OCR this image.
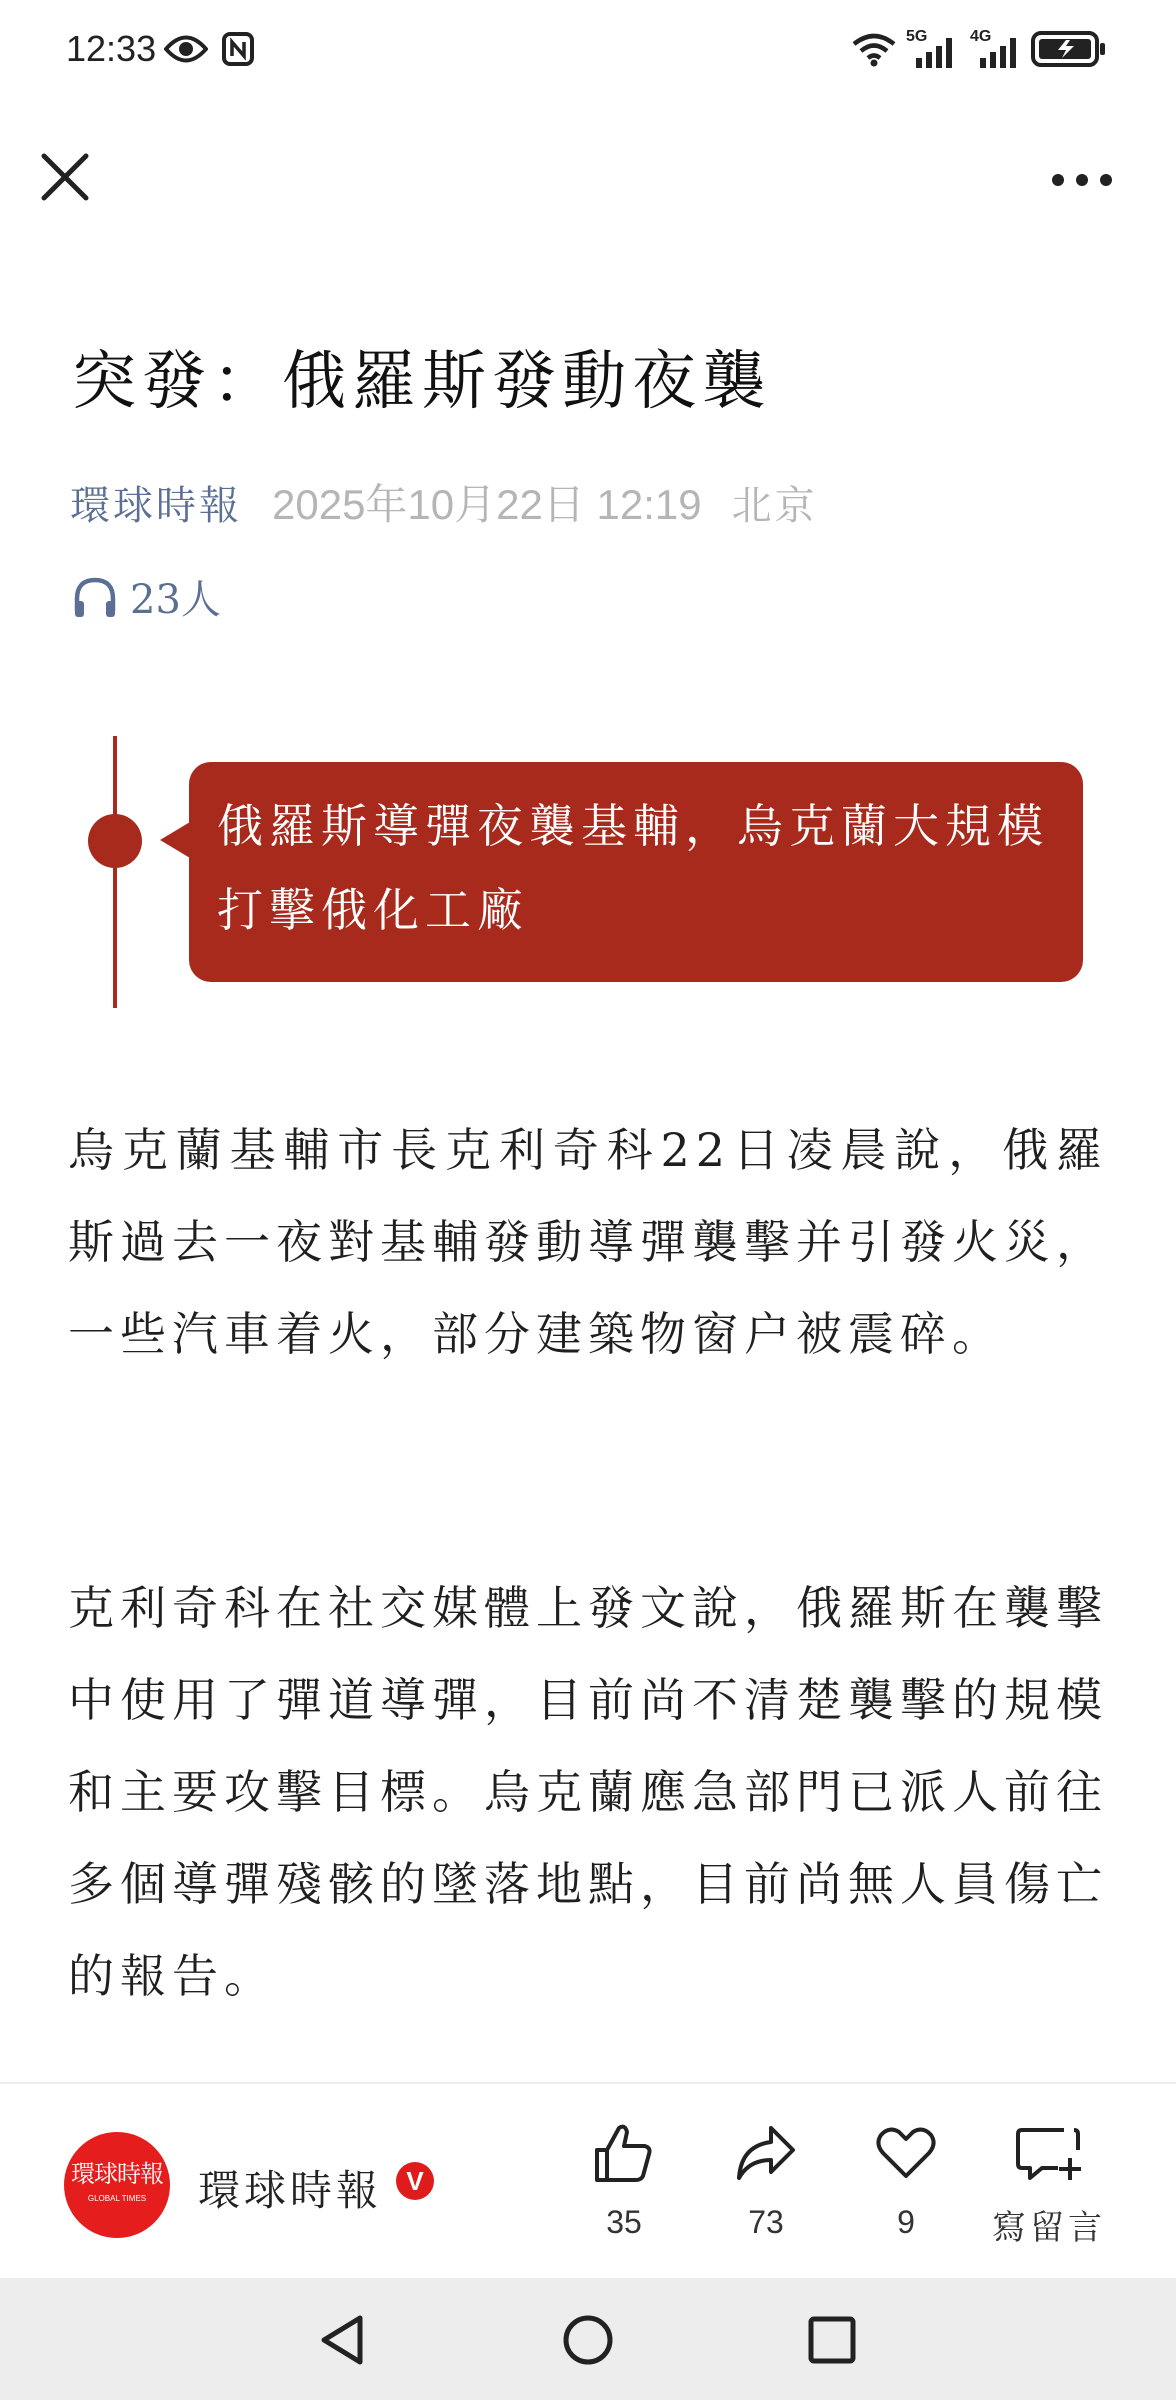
12:33	5G	4G
突發：俄羅斯發動夜襲
環球時報 2025年10月22日 12:19 北京
23人

俄羅斯導彈夜襲基輔，烏克蘭大規模打擊俄化工廠

烏克蘭基輔市長克利奇科22日凌晨說，俄羅斯過去一夜對基輔發動導彈襲擊并引發火災，一些汽車着火，部分建築物窗户被震碎。

克利奇科在社交媒體上發文說，俄羅斯在襲擊中使用了彈道導彈，目前尚不清楚襲擊的規模和主要攻擊目標。烏克蘭應急部門已派人前往多個導彈殘骸的墜落地點，目前尚無人員傷亡的報告。

環球時報
GLOBAL TIMES	環球時報 V
35	73	9	寫留言
